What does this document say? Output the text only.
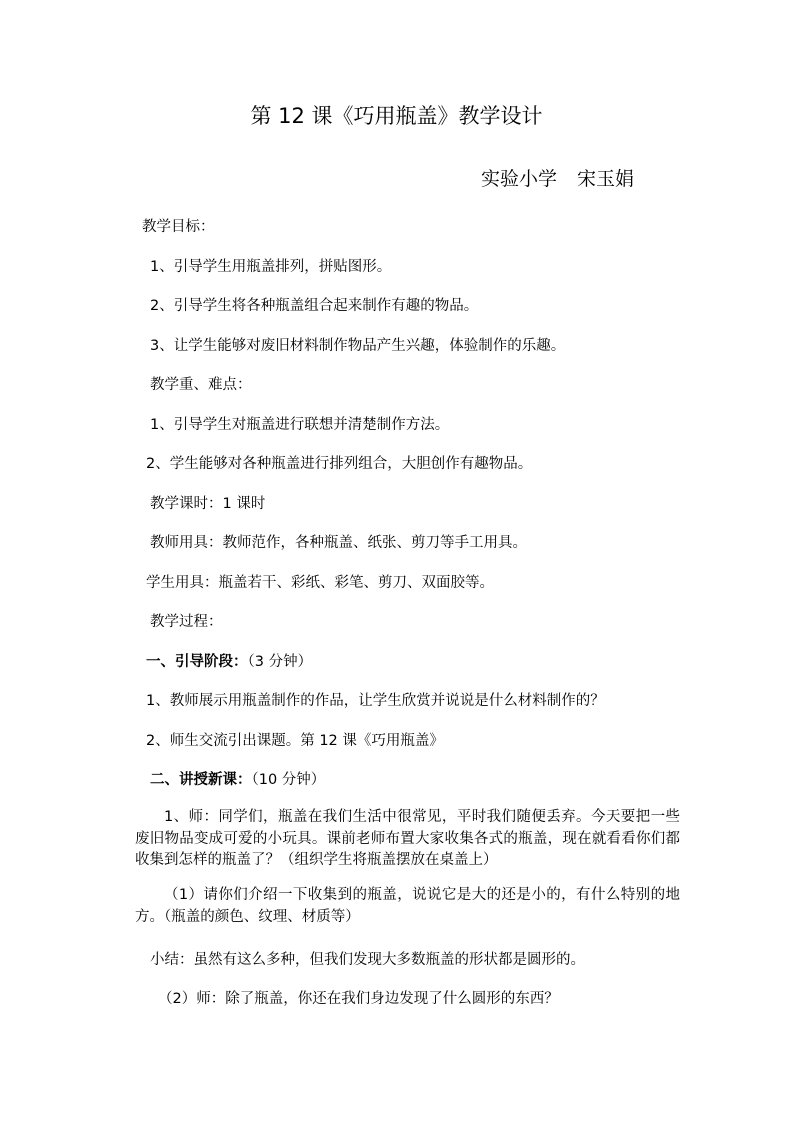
第 12 课《巧用瓶盖》教学设计
实验小学 宋玉娟
教学目标：
1、引导学生用瓶盖排列，拼贴图形。
2、引导学生将各种瓶盖组合起来制作有趣的物品。
3、让学生能够对废旧材料制作物品产生兴趣，体验制作的乐趣。
教学重、难点：
1、引导学生对瓶盖进行联想并清楚制作方法。
2、学生能够对各种瓶盖进行排列组合，大胆创作有趣物品。
教学课时：1 课时
教师用具：教师范作，各种瓶盖、纸张、剪刀等手工用具。
学生用具：瓶盖若干、彩纸、彩笔、剪刀、双面胶等。
教学过程：
一、引导阶段：（3 分钟）
1、教师展示用瓶盖制作的作品，让学生欣赏并说说是什么材料制作的？
2、师生交流引出课题。第 12 课《巧用瓶盖》
二、讲授新课：（10 分钟）
1、师：同学们，瓶盖在我们生活中很常见，平时我们随便丢弃。今天要把一些废旧物品变成可爱的小玩具。课前老师布置大家收集各式的瓶盖，现在就看看你们都收集到怎样的瓶盖了？（组织学生将瓶盖摆放在桌盖上）
（1）请你们介绍一下收集到的瓶盖，说说它是大的还是小的，有什么特别的地方。（瓶盖的颜色、纹理、材质等）
小结：虽然有这么多种，但我们发现大多数瓶盖的形状都是圆形的。
（2）师：除了瓶盖，你还在我们身边发现了什么圆形的东西？
